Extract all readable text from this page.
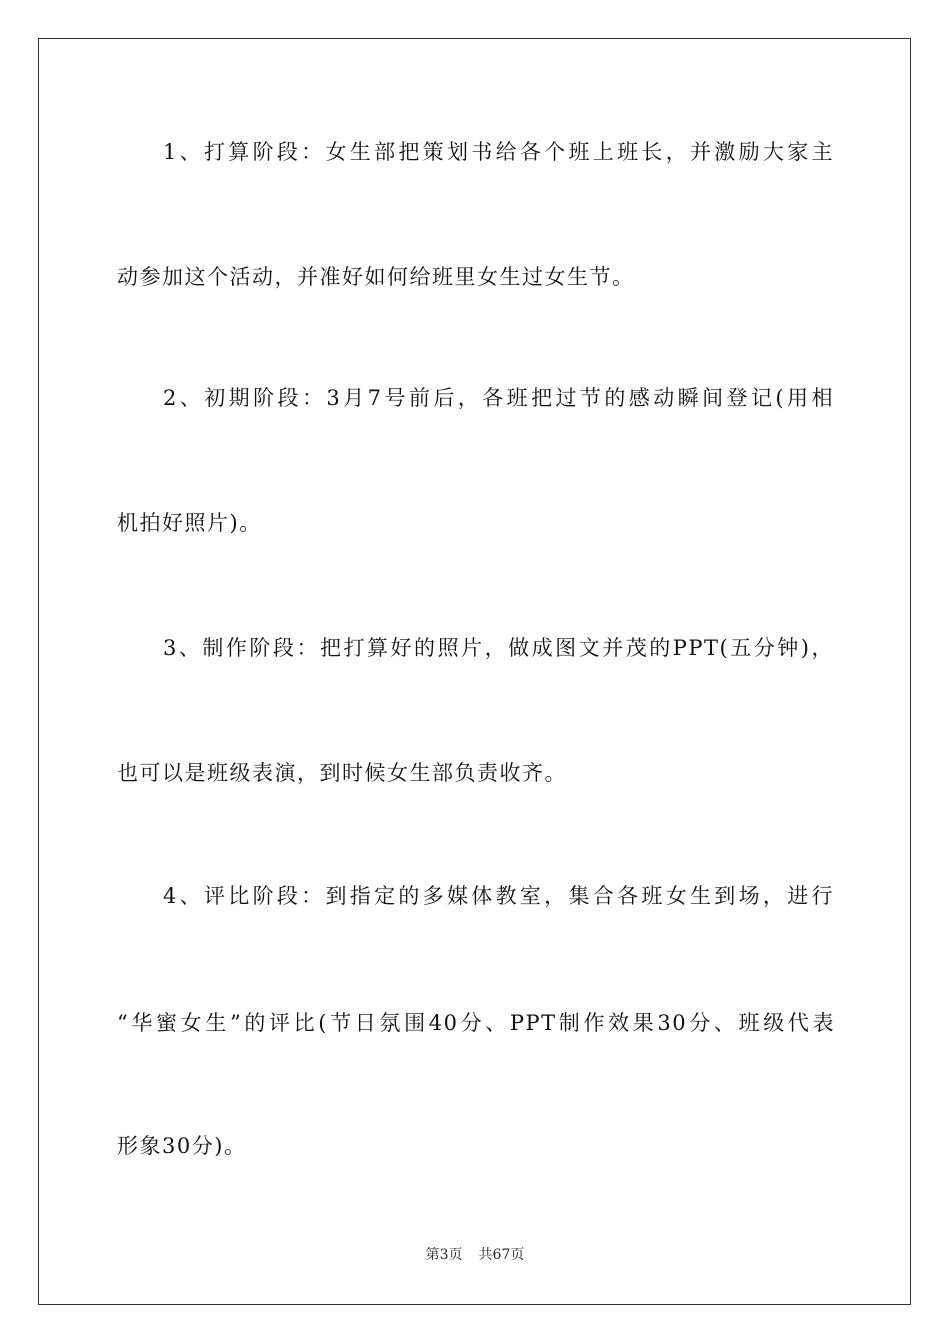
1、打算阶段：女生部把策划书给各个班上班长，并激励大家主
动参加这个活动，并准好如何给班里女生过女生节。
2、初期阶段：3月7号前后，各班把过节的感动瞬间登记(用相
机拍好照片)。
3、制作阶段：把打算好的照片，做成图文并茂的PPT(五分钟)，
也可以是班级表演，到时候女生部负责收齐。
4、评比阶段：到指定的多媒体教室，集合各班女生到场，进行
“华蜜女生”的评比(节日氛围40分、PPT制作效果30分、班级代表
形象30分)。
第3页 共67页
